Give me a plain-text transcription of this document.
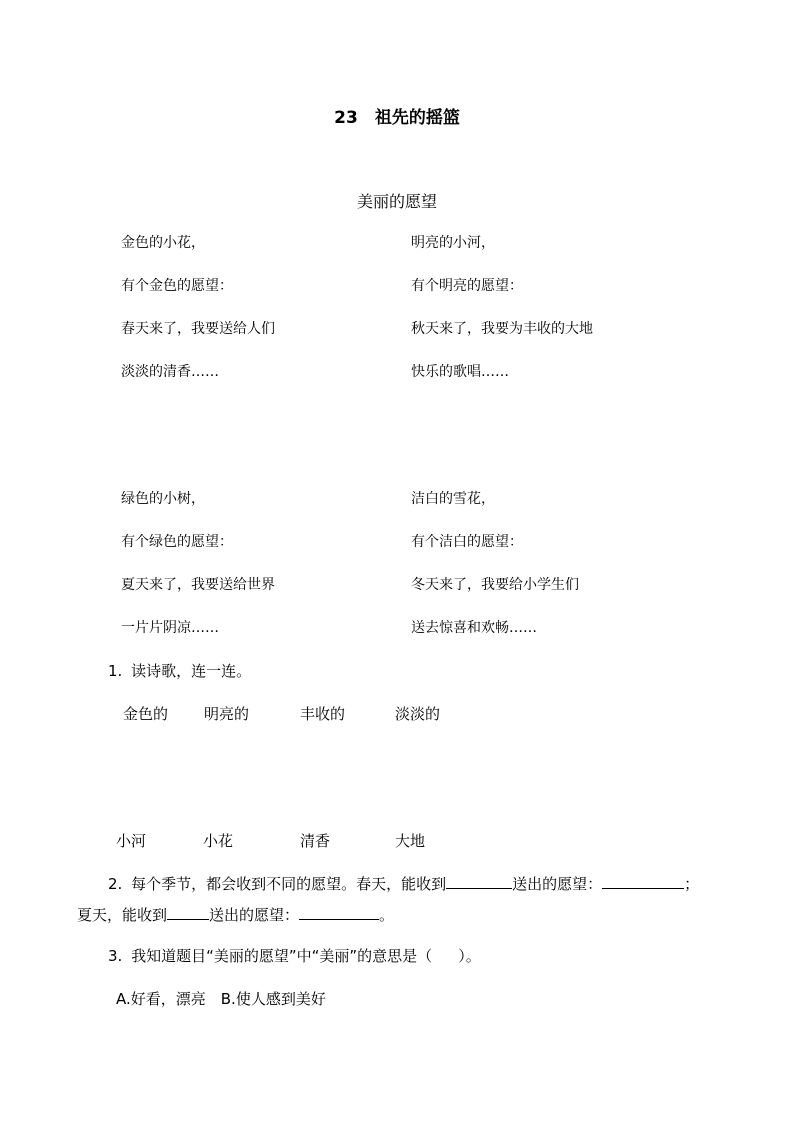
23　祖先的摇篮
美丽的愿望
金色的小花，
有个金色的愿望：
春天来了，我要送给人们
淡淡的清香……
明亮的小河，
有个明亮的愿望：
秋天来了，我要为丰收的大地
快乐的歌唱……
绿色的小树，
有个绿色的愿望：
夏天来了，我要送给世界
一片片阴凉……
洁白的雪花，
有个洁白的愿望：
冬天来了，我要给小学生们
送去惊喜和欢畅……
1. 读诗歌，连一连。
金色的 明亮的	丰收的	淡淡的
小河	小花	清香	大地
2. 每个季节，都会收到不同的愿望。春天，能收到	送出的愿望：	；
夏天，能收到	送出的愿望：	。
3. 我知道题目“美丽的愿望”中“美丽”的意思是（ ）。
A.好看，漂亮　B.使人感到美好
